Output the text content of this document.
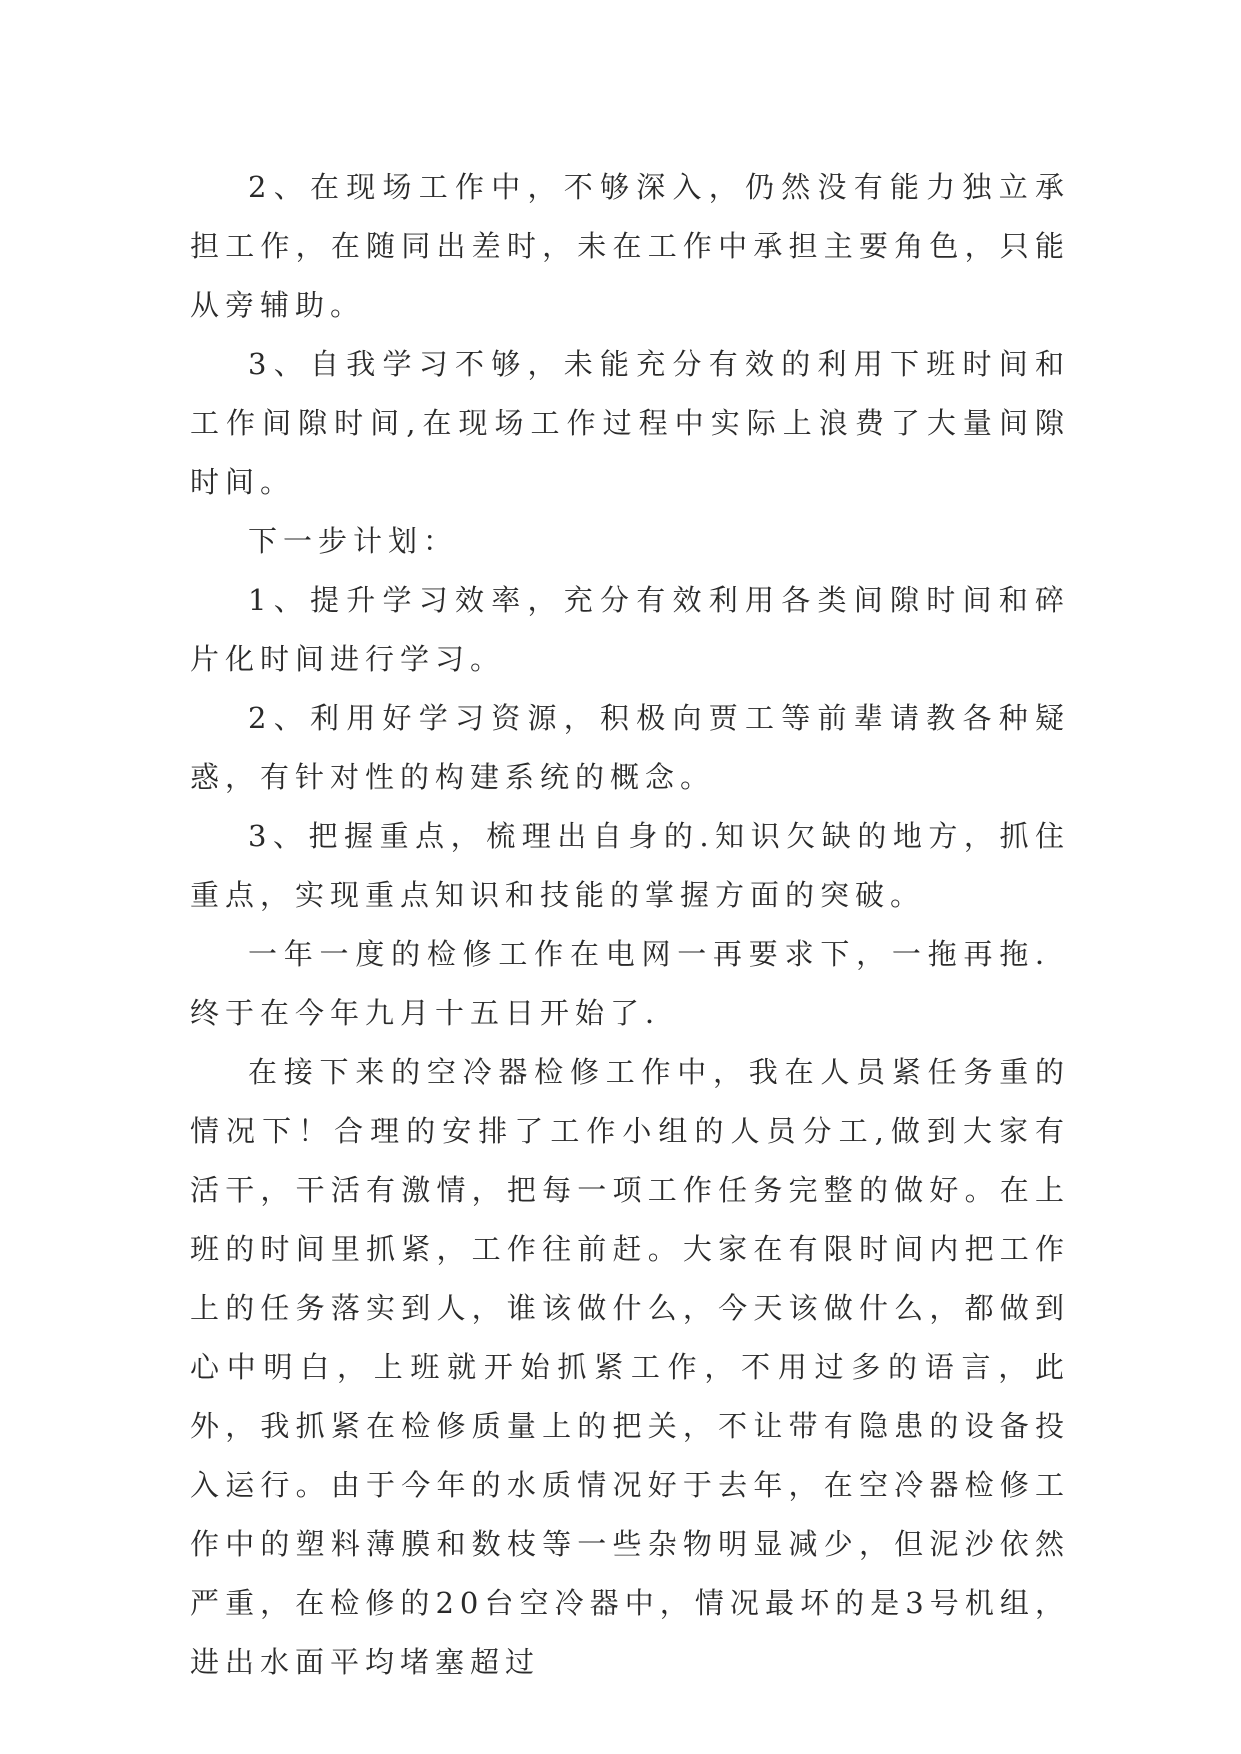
2、在现场工作中，不够深入，仍然没有能力独立承担工作，在随同出差时，未在工作中承担主要角色，只能从旁辅助。

3、自我学习不够，未能充分有效的利用下班时间和工作间隙时间,在现场工作过程中实际上浪费了大量间隙时间。

下一步计划：

1、提升学习效率，充分有效利用各类间隙时间和碎片化时间进行学习。

2、利用好学习资源，积极向贾工等前辈请教各种疑惑，有针对性的构建系统的概念。

3、把握重点，梳理出自身的.知识欠缺的地方，抓住重点，实现重点知识和技能的掌握方面的突破。

一年一度的检修工作在电网一再要求下，一拖再拖．终于在今年九月十五日开始了．

在接下来的空冷器检修工作中，我在人员紧任务重的情况下！合理的安排了工作小组的人员分工,做到大家有活干，干活有激情，把每一项工作任务完整的做好。在上班的时间里抓紧，工作往前赶。大家在有限时间内把工作上的任务落实到人，谁该做什么，今天该做什么，都做到心中明白，上班就开始抓紧工作，不用过多的语言，此外，我抓紧在检修质量上的把关，不让带有隐患的设备投入运行。由于今年的水质情况好于去年，在空冷器检修工作中的塑料薄膜和数枝等一些杂物明显减少，但泥沙依然严重，在检修的20台空冷器中，情况最坏的是3号机组，进出水面平均堵塞超过
